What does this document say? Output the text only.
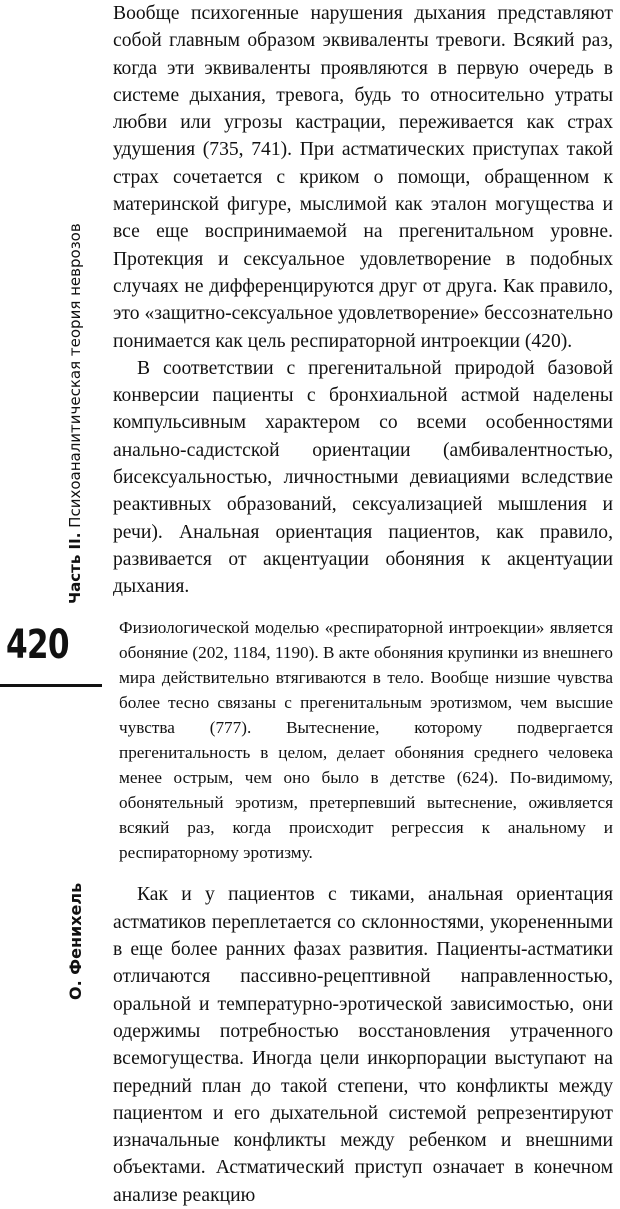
Часть II. Психоаналитическая теория неврозов
420
О. Фенихель

Вообще психогенные нарушения дыхания представляют собой главным образом эквиваленты тревоги. Всякий раз, когда эти эквиваленты проявляются в первую очередь в системе дыхания, тревога, будь то относительно утраты любви или угрозы кастрации, переживается как страх удушения (735, 741). При астматических приступах такой страх сочетается с криком о помощи, обращенном к материнской фигуре, мыслимой как эталон могущества и все еще воспринимаемой на прегенитальном уровне. Протекция и сексуальное удовлетворение в подобных случаях не дифференцируются друг от друга. Как правило, это «защитно-сексуальное удовлетворение» бессознательно понимается как цель респираторной интроекции (420).

В соответствии с прегенитальной природой базовой конверсии пациенты с бронхиальной астмой наделены компульсивным характером со всеми особенностями анально-садистской ориентации (амбивалентностью, бисексуальностью, личностными девиациями вследствие реактивных образований, сексуализацией мышления и речи). Анальная ориентация пациентов, как правило, развивается от акцентуации обоняния к акцентуации дыхания.

Физиологической моделью «респираторной интроекции» является обоняние (202, 1184, 1190). В акте обоняния крупинки из внешнего мира действительно втягиваются в тело. Вообще низшие чувства более тесно связаны с прегенитальным эротизмом, чем высшие чувства (777). Вытеснение, которому подвергается прегенитальность в целом, делает обоняния среднего человека менее острым, чем оно было в детстве (624). По-видимому, обонятельный эротизм, претерпевший вытеснение, оживляется всякий раз, когда происходит регрессия к анальному и респираторному эротизму.

Как и у пациентов с тиками, анальная ориентация астматиков переплетается со склонностями, укорененными в еще более ранних фазах развития. Пациенты-астматики отличаются пассивно-рецептивной направленностью, оральной и температурно-эротической зависимостью, они одержимы потребностью восстановления утраченного всемогущества. Иногда цели инкорпорации выступают на передний план до такой степени, что конфликты между пациентом и его дыхательной системой репрезентируют изначальные конфликты между ребенком и внешними объектами. Астматический приступ означает в конечном анализе реакцию
